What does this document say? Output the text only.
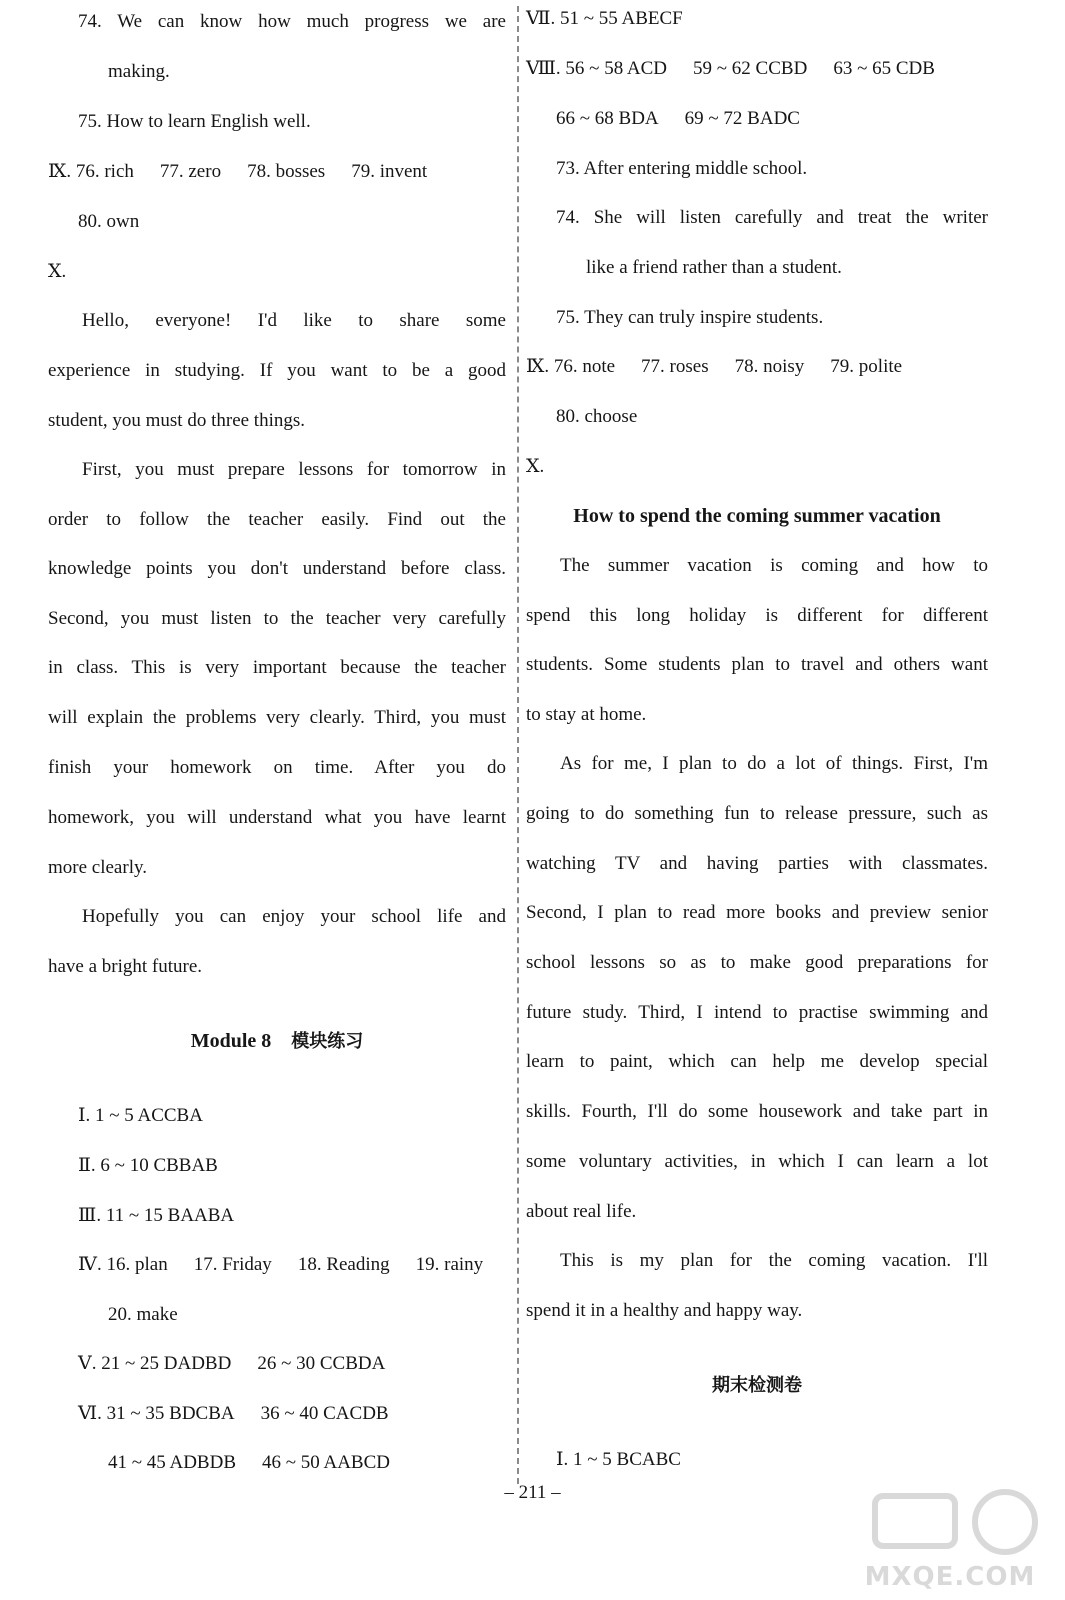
74. We can know how much progress we are
making.
75. How to learn English well.
Ⅸ. 76. rich 77. zero 78. bosses 79. invent
80. own
Ⅹ.
Hello, everyone! I'd like to share some
experience in studying. If you want to be a good
student, you must do three things.
First, you must prepare lessons for tomorrow in
order to follow the teacher easily. Find out the
knowledge points you don't understand before class.
Second, you must listen to the teacher very carefully
in class. This is very important because the teacher
will explain the problems very clearly. Third, you must
finish your homework on time. After you do
homework, you will understand what you have learnt
more clearly.
Hopefully you can enjoy your school life and
have a bright future.
Module 8 模块练习
Ⅰ. 1 ~ 5 ACCBA
Ⅱ. 6 ~ 10 CBBAB
Ⅲ. 11 ~ 15 BAABA
Ⅳ. 16. plan 17. Friday 18. Reading 19. rainy
20. make
Ⅴ. 21 ~ 25 DADBD 26 ~ 30 CCBDA
Ⅵ. 31 ~ 35 BDCBA 36 ~ 40 CACDB
41 ~ 45 ADBDB 46 ~ 50 AABCD
Ⅶ. 51 ~ 55 ABECF
Ⅷ. 56 ~ 58 ACD 59 ~ 62 CCBD 63 ~ 65 CDB
66 ~ 68 BDA 69 ~ 72 BADC
73. After entering middle school.
74. She will listen carefully and treat the writer
like a friend rather than a student.
75. They can truly inspire students.
Ⅸ. 76. note 77. roses 78. noisy 79. polite
80. choose
Ⅹ.
How to spend the coming summer vacation
The summer vacation is coming and how to
spend this long holiday is different for different
students. Some students plan to travel and others want
to stay at home.
As for me, I plan to do a lot of things. First, I'm
going to do something fun to release pressure, such as
watching TV and having parties with classmates.
Second, I plan to read more books and preview senior
school lessons so as to make good preparations for
future study. Third, I intend to practise swimming and
learn to paint, which can help me develop special
skills. Fourth, I'll do some housework and take part in
some voluntary activities, in which I can learn a lot
about real life.
This is my plan for the coming vacation. I'll
spend it in a healthy and happy way.
期末检测卷
Ⅰ. 1 ~ 5 BCABC
– 211 –
MXQE.COM
